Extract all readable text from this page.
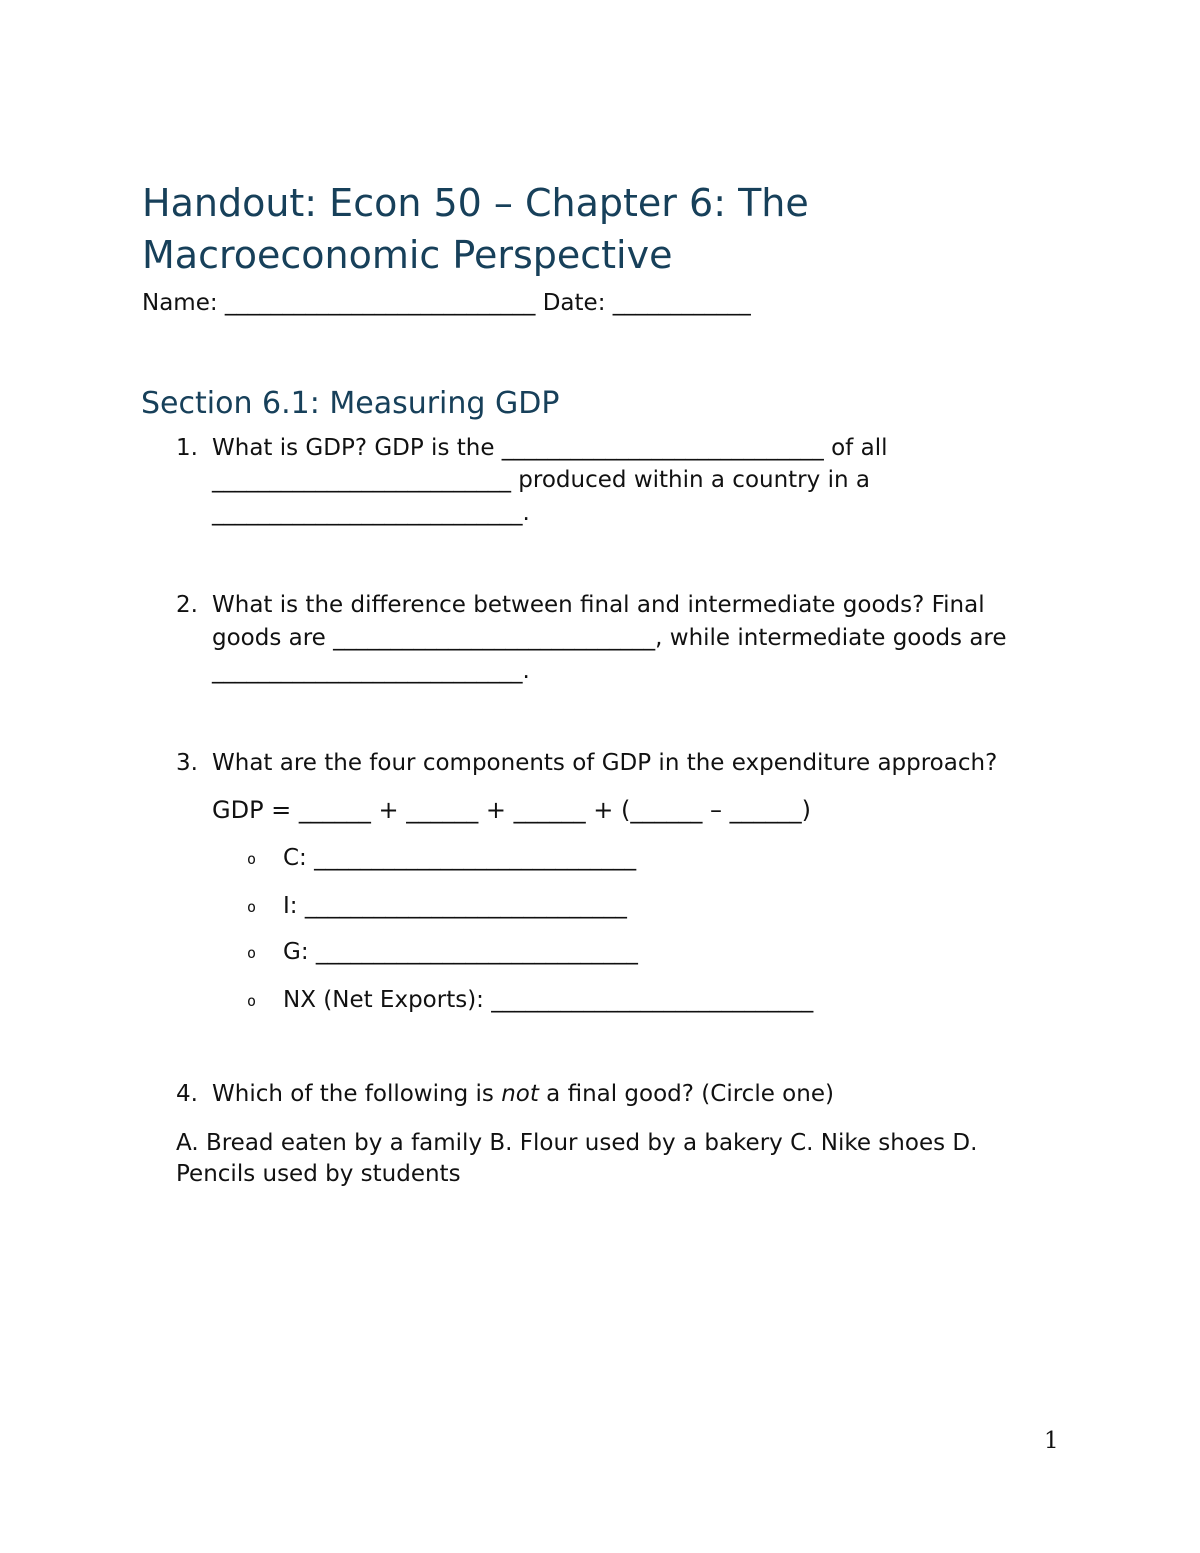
Handout: Econ 50 – Chapter 6: The
Macroeconomic Perspective
Name: ___________________________ Date: ____________
Section 6.1: Measuring GDP
1. What is GDP? GDP is the ____________________________ of all
__________________________ produced within a country in a
___________________________.
2. What is the difference between final and intermediate goods? Final
goods are ____________________________, while intermediate goods are
___________________________.
3. What are the four components of GDP in the expenditure approach?
GDP = ______ + ______ + ______ + (______ – ______)
o C: ____________________________
o I: ____________________________
o G: ____________________________
o NX (Net Exports): ____________________________
4. Which of the following is not a final good? (Circle one)
A. Bread eaten by a family B. Flour used by a bakery C. Nike shoes D.
Pencils used by students
1
